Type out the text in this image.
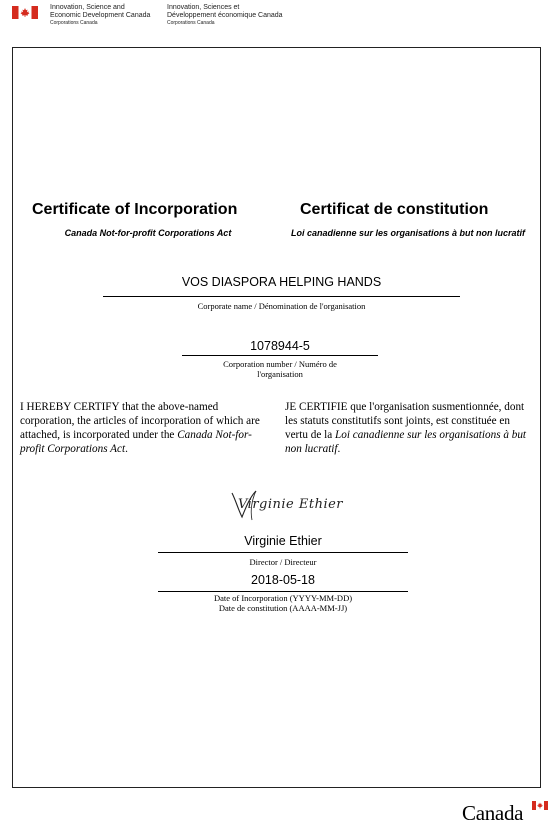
Innovation, Science and
Economic Development Canada
Corporations Canada
Innovation, Sciences et
Développement économique Canada
Corporations Canada
Certificate of Incorporation
Canada Not-for-profit Corporations Act
Certificat de constitution
Loi canadienne sur les organisations à but non lucratif
VOS DIASPORA HELPING HANDS
Corporate name / Dénomination de l'organisation
1078944-5
Corporation number / Numéro de
l'organisation
I HEREBY CERTIFY that the above-named corporation, the articles of incorporation of which are attached, is incorporated under the Canada Not-for-profit Corporations Act.
JE CERTIFIE que l'organisation susmentionnée, dont les statuts constitutifs sont joints, est constituée en vertu de la Loi canadienne sur les organisations à but non lucratif.
Virginie Ethier
Virginie Ethier
Director / Directeur
2018-05-18
Date of Incorporation (YYYY-MM-DD)
Date de constitution (AAAA-MM-JJ)
Canada
